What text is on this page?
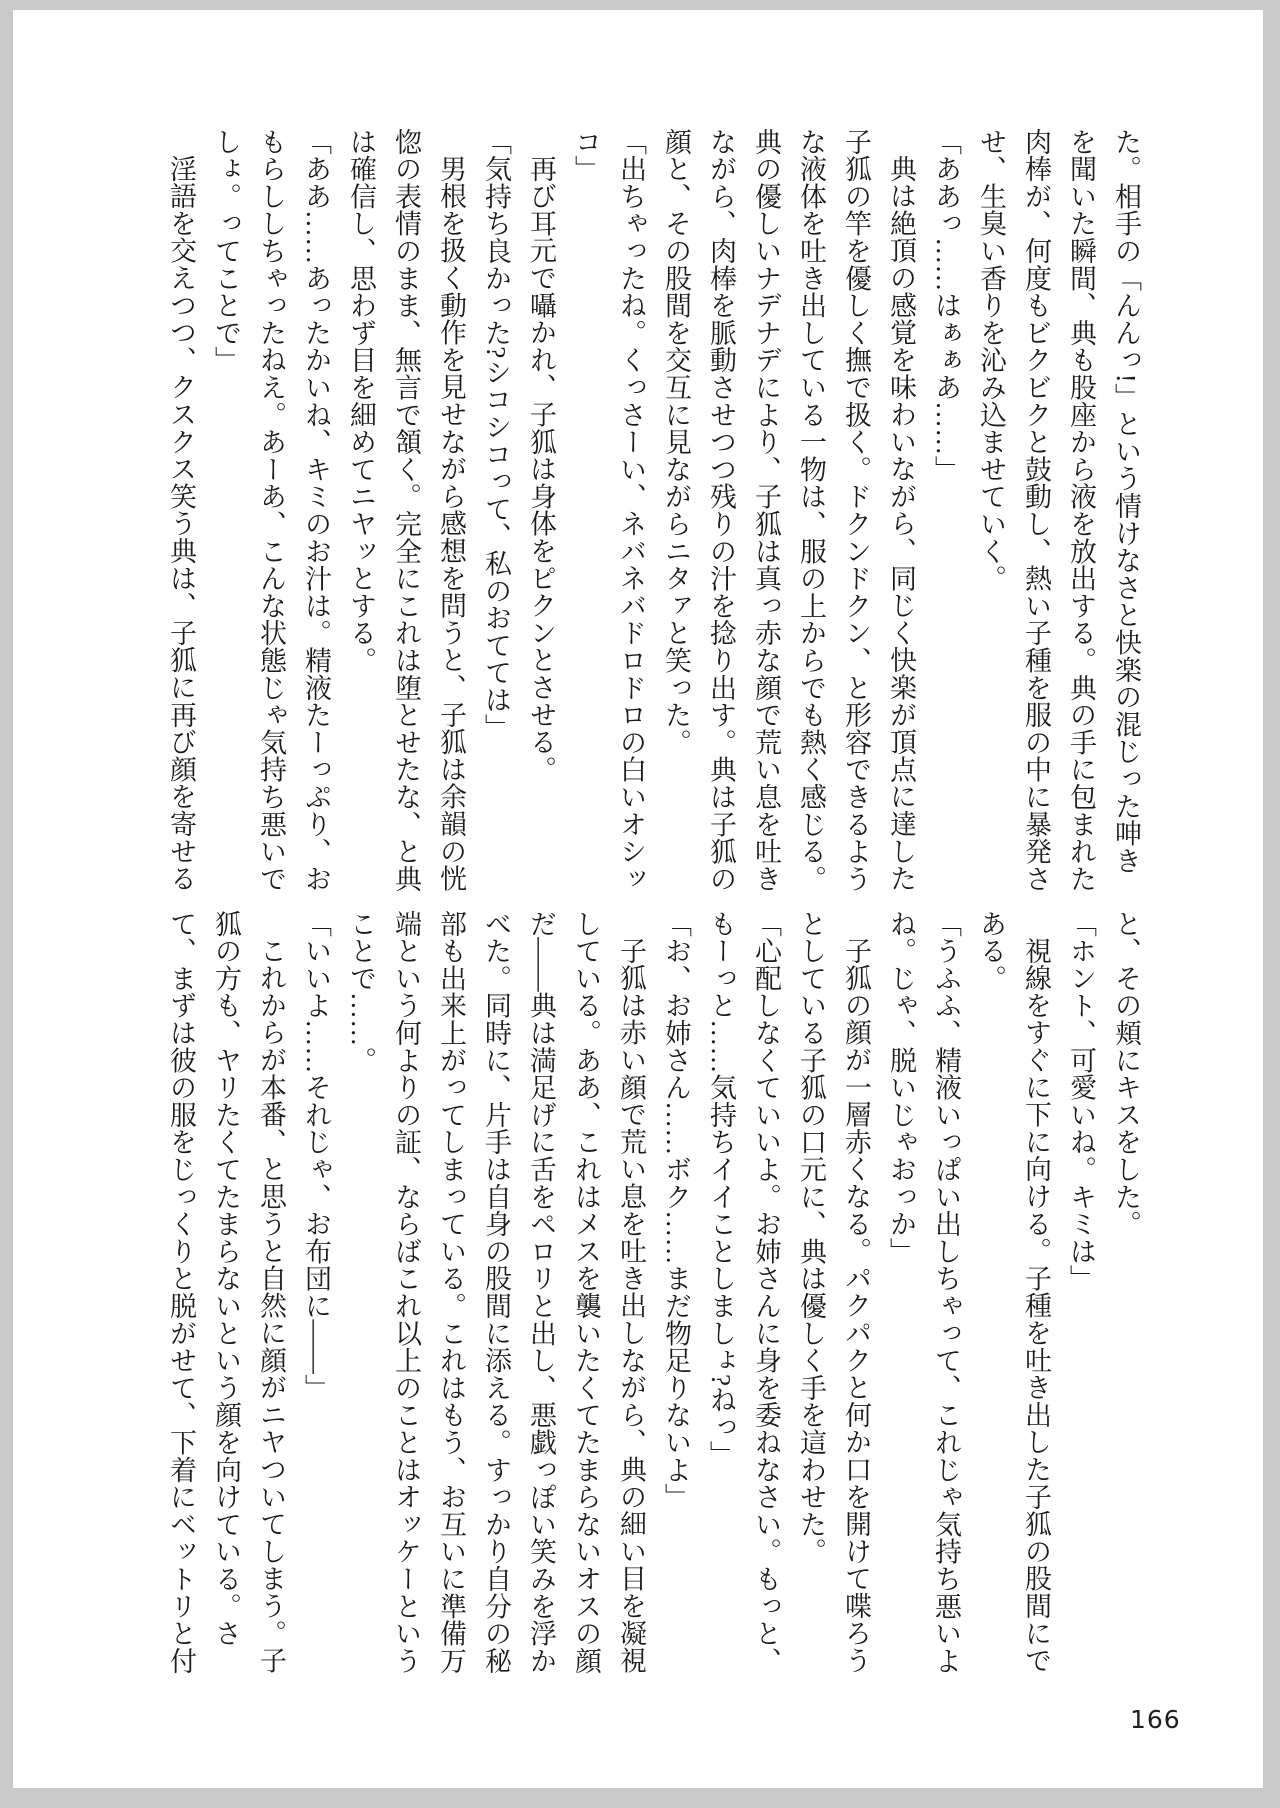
た。相手の「んんっ!」という情けなさと快楽の混じった呻き

を聞いた瞬間、典も股座から液を放出する。典の手に包まれた

肉棒が、何度もビクビクと鼓動し、熱い子種を服の中に暴発さ

せ、生臭い香りを沁み込ませていく。

「ああっ……はぁぁあ……」

典は絶頂の感覚を味わいながら、同じく快楽が頂点に達した

子狐の竿を優しく撫で扱く。ドクンドクン、と形容できるよう

な液体を吐き出している一物は、服の上からでも熱く感じる。

典の優しいナデナデにより、子狐は真っ赤な顔で荒い息を吐き

ながら、肉棒を脈動させつつ残りの汁を捻り出す。典は子狐の

顔と、その股間を交互に見ながらニタァと笑った。

「出ちゃったね。くっさーい、ネバネバドロドロの白いオシッ

コ」

再び耳元で囁かれ、子狐は身体をピクンとさせる。

「気持ち良かった?シコシコって、私のおてては」

男根を扱く動作を見せながら感想を問うと、子狐は余韻の恍

惚の表情のまま、無言で頷く。完全にこれは堕とせたな、と典

は確信し、思わず目を細めてニヤッとする。

「ああ……あったかいね、キミのお汁は。精液たーっぷり、お

もらししちゃったねえ。あーあ、こんな状態じゃ気持ち悪いで

しょ。ってことで」

淫語を交えつつ、クスクス笑う典は、子狐に再び顔を寄せる

と、その頬にキスをした。

「ホント、可愛いね。キミは」

視線をすぐに下に向ける。子種を吐き出した子狐の股間にで

ある。

「うふふ、精液いっぱい出しちゃって、これじゃ気持ち悪いよ

ね。じゃ、脱いじゃおっか」

子狐の顔が一層赤くなる。パクパクと何か口を開けて喋ろう

としている子狐の口元に、典は優しく手を這わせた。

「心配しなくていいよ。お姉さんに身を委ねなさい。もっと、

もーっと……気持ちイイことしましょ?ねっ」

「お、お姉さん……ボク……まだ物足りないよ」

子狐は赤い顔で荒い息を吐き出しながら、典の細い目を凝視

している。ああ、これはメスを襲いたくてたまらないオスの顔

だ――典は満足げに舌をペロリと出し、悪戯っぽい笑みを浮か

べた。同時に、片手は自身の股間に添える。すっかり自分の秘

部も出来上がってしまっている。これはもう、お互いに準備万

端という何よりの証、ならばこれ以上のことはオッケーという

ことで……。

「いいよ……それじゃ、お布団に――」

これからが本番、と思うと自然に顔がニヤついてしまう。子

狐の方も、ヤリたくてたまらないという顔を向けている。さ

て、まずは彼の服をじっくりと脱がせて、下着にベットリと付

166
